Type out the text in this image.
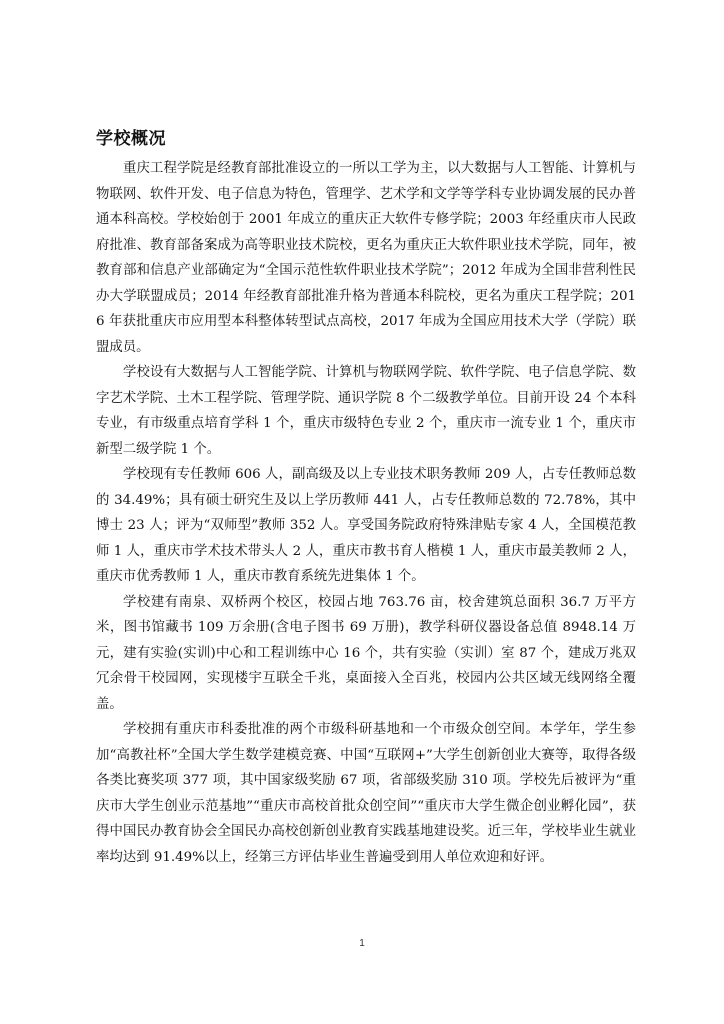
学校概况

重庆工程学院是经教育部批准设立的一所以工学为主，以大数据与人工智能、计算机与物联网、软件开发、电子信息为特色，管理学、艺术学和文学等学科专业协调发展的民办普通本科高校。学校始创于 2001 年成立的重庆正大软件专修学院；2003 年经重庆市人民政府批准、教育部备案成为高等职业技术院校，更名为重庆正大软件职业技术学院，同年，被教育部和信息产业部确定为“全国示范性软件职业技术学院”；2012 年成为全国非营利性民办大学联盟成员；2014 年经教育部批准升格为普通本科院校，更名为重庆工程学院；2016 年获批重庆市应用型本科整体转型试点高校，2017 年成为全国应用技术大学（学院）联盟成员。

学校设有大数据与人工智能学院、计算机与物联网学院、软件学院、电子信息学院、数字艺术学院、土木工程学院、管理学院、通识学院 8 个二级教学单位。目前开设 24 个本科专业，有市级重点培育学科 1 个，重庆市级特色专业 2 个，重庆市一流专业 1 个，重庆市新型二级学院 1 个。

学校现有专任教师 606 人，副高级及以上专业技术职务教师 209 人，占专任教师总数的 34.49%；具有硕士研究生及以上学历教师 441 人，占专任教师总数的 72.78%，其中博士 23 人；评为“双师型”教师 352 人。享受国务院政府特殊津贴专家 4 人，全国模范教师 1 人，重庆市学术技术带头人 2 人，重庆市教书育人楷模 1 人，重庆市最美教师 2 人，重庆市优秀教师 1 人，重庆市教育系统先进集体 1 个。

学校建有南泉、双桥两个校区，校园占地 763.76 亩，校舍建筑总面积 36.7 万平方米，图书馆藏书 109 万余册(含电子图书 69 万册)，教学科研仪器设备总值 8948.14 万元，建有实验(实训)中心和工程训练中心 16 个，共有实验（实训）室 87 个，建成万兆双冗余骨干校园网，实现楼宇互联全千兆，桌面接入全百兆，校园内公共区域无线网络全覆盖。

学校拥有重庆市科委批准的两个市级科研基地和一个市级众创空间。本学年，学生参加“高教社杯”全国大学生数学建模竞赛、中国“互联网+”大学生创新创业大赛等，取得各级各类比赛奖项 377 项，其中国家级奖励 67 项，省部级奖励 310 项。学校先后被评为“重庆市大学生创业示范基地”“重庆市高校首批众创空间”“重庆市大学生微企创业孵化园”，获得中国民办教育协会全国民办高校创新创业教育实践基地建设奖。近三年，学校毕业生就业率均达到 91.49%以上，经第三方评估毕业生普遍受到用人单位欢迎和好评。

1
